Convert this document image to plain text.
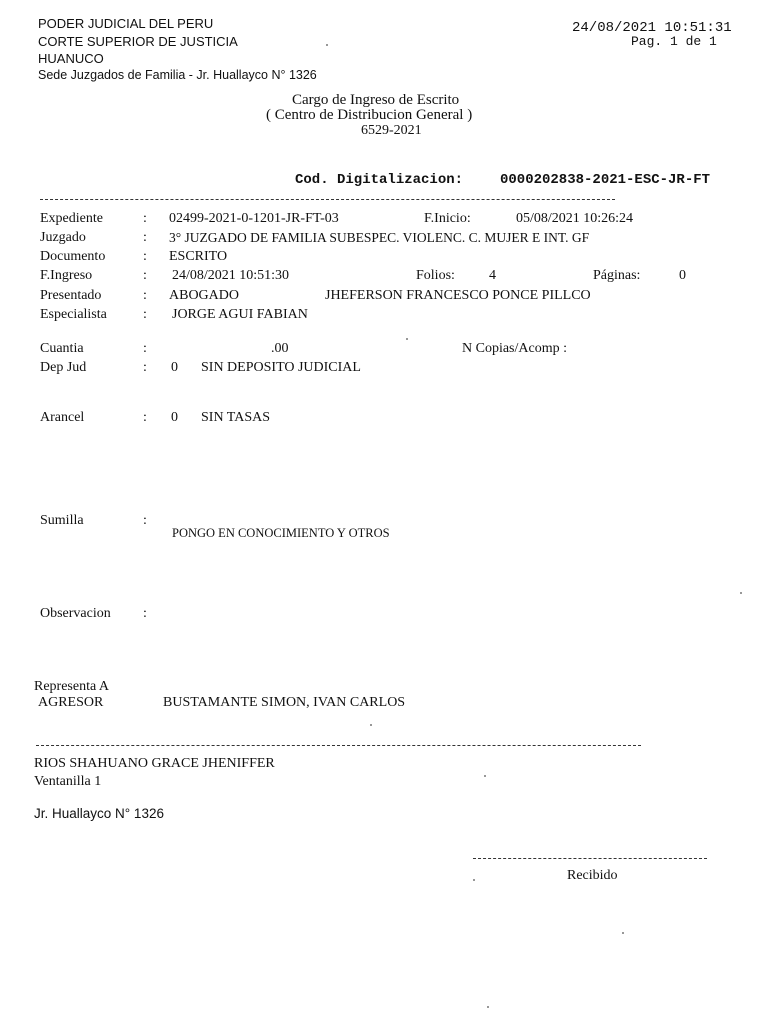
PODER JUDICIAL DEL PERU
CORTE SUPERIOR DE JUSTICIA
HUANUCO
Sede Juzgados de Familia - Jr. Huallayco N° 1326
24/08/2021 10:51:31
Pag. 1 de 1
Cargo de Ingreso de Escrito
( Centro de Distribucion General )
6529-2021
Cod. Digitalizacion:	0000202838-2021-ESC-JR-FT
Expediente	: 02499-2021-0-1201-JR-FT-03	F.Inicio:	05/08/2021 10:26:24
Juzgado	: 3° JUZGADO DE FAMILIA SUBESPEC. VIOLENC. C. MUJER E INT. GF
Documento	: ESCRITO
F.Ingreso	: 24/08/2021 10:51:30	Folios: 4	Páginas:	0
Presentado	: ABOGADO	JHEFERSON FRANCESCO PONCE PILLCO
Especialista	: JORGE AGUI FABIAN
Cuantia	:	.00	N Copias/Acomp :
Dep Jud	: 0 SIN DEPOSITO JUDICIAL
Arancel	: 0 SIN TASAS
Sumilla	:
PONGO EN CONOCIMIENTO Y OTROS
Observacion :
Representa A
AGRESOR	BUSTAMANTE SIMON, IVAN CARLOS
RIOS SHAHUANO GRACE JHENIFFER
Ventanilla 1
Jr. Huallayco N° 1326
Recibido
